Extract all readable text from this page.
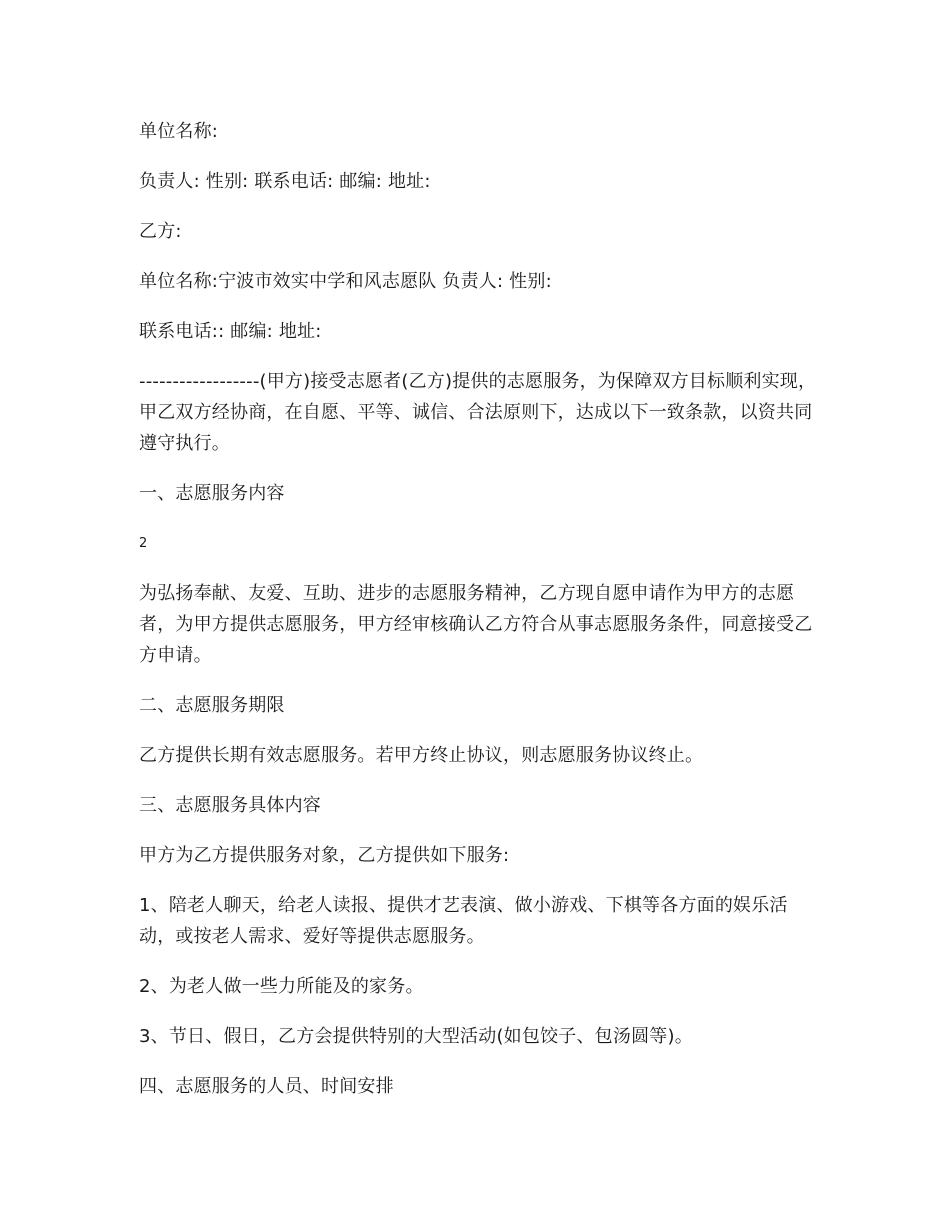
单位名称:

负责人: 性别: 联系电话: 邮编: 地址:

乙方:

单位名称:宁波市效实中学和风志愿队 负责人: 性别:

联系电话:: 邮编: 地址:

------------------(甲方)接受志愿者(乙方)提供的志愿服务，为保障双方目标顺利实现，甲乙双方经协商，在自愿、平等、诚信、合法原则下，达成以下一致条款，以资共同遵守执行。

一、志愿服务内容

2

为弘扬奉献、友爱、互助、进步的志愿服务精神，乙方现自愿申请作为甲方的志愿者，为甲方提供志愿服务，甲方经审核确认乙方符合从事志愿服务条件，同意接受乙方申请。

二、志愿服务期限

乙方提供长期有效志愿服务。若甲方终止协议，则志愿服务协议终止。

三、志愿服务具体内容

甲方为乙方提供服务对象，乙方提供如下服务:

1、陪老人聊天，给老人读报、提供才艺表演、做小游戏、下棋等各方面的娱乐活动，或按老人需求、爱好等提供志愿服务。

2、为老人做一些力所能及的家务。

3、节日、假日，乙方会提供特别的大型活动(如包饺子、包汤圆等)。

四、志愿服务的人员、时间安排
